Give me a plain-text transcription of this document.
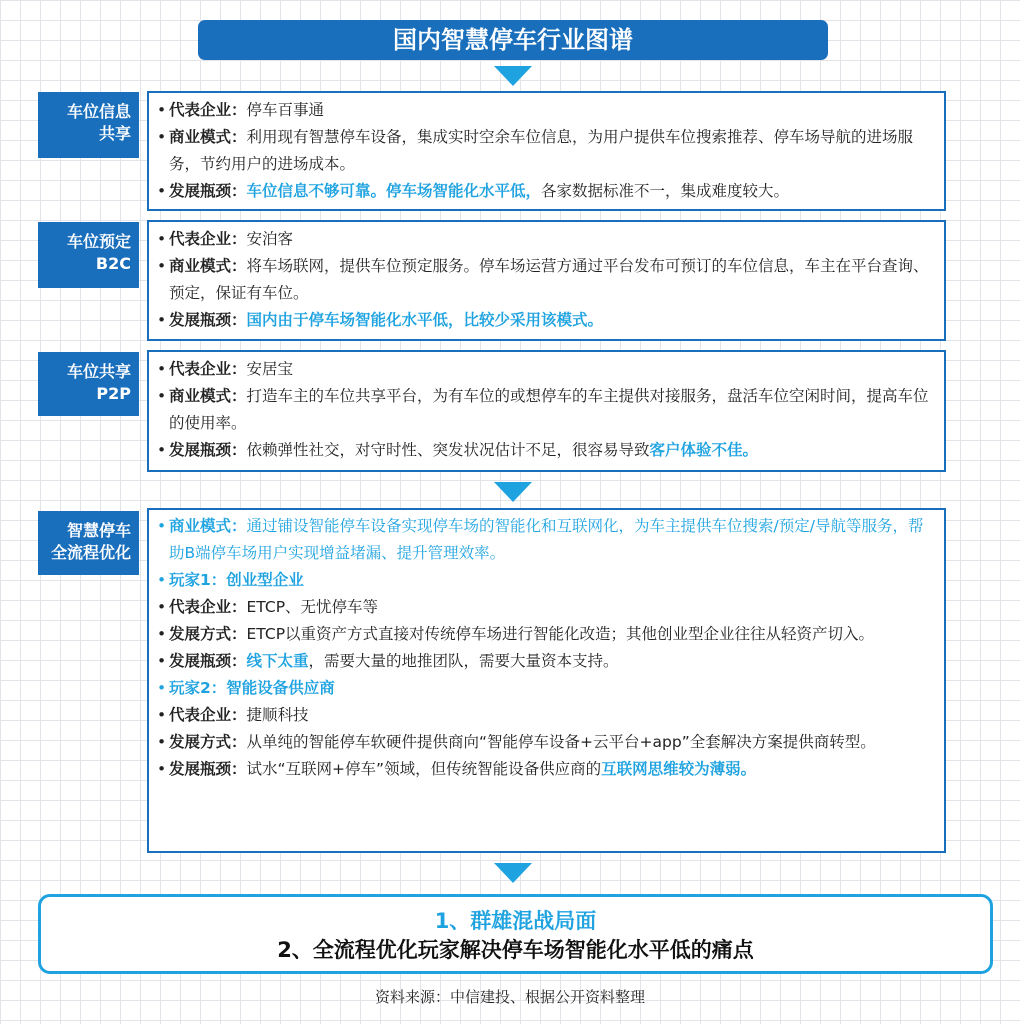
国内智慧停车行业图谱
车位信息
共享
• 代表企业：停车百事通
• 商业模式：利用现有智慧停车设备，集成实时空余车位信息，为用户提供车位搜索推荐、停车场导航的进场服务，节约用户的进场成本。
• 发展瓶颈：车位信息不够可靠。停车场智能化水平低，各家数据标准不一，集成难度较大。
车位预定
B2C
• 代表企业：安泊客
• 商业模式：将车场联网，提供车位预定服务。停车场运营方通过平台发布可预订的车位信息，车主在平台查询、预定，保证有车位。
• 发展瓶颈：国内由于停车场智能化水平低，比较少采用该模式。
车位共享
P2P
• 代表企业：安居宝
• 商业模式：打造车主的车位共享平台，为有车位的或想停车的车主提供对接服务，盘活车位空闲时间，提高车位的使用率。
• 发展瓶颈：依赖弹性社交，对守时性、突发状况估计不足，很容易导致客户体验不佳。
智慧停车
全流程优化
• 商业模式：通过铺设智能停车设备实现停车场的智能化和互联网化，为车主提供车位搜索/预定/导航等服务，帮助B端停车场用户实现增益堵漏、提升管理效率。
• 玩家1：创业型企业
• 代表企业：ETCP、无忧停车等
• 发展方式：ETCP以重资产方式直接对传统停车场进行智能化改造；其他创业型企业往往从轻资产切入。
• 发展瓶颈：线下太重，需要大量的地推团队，需要大量资本支持。
• 玩家2：智能设备供应商
• 代表企业：捷顺科技
• 发展方式：从单纯的智能停车软硬件提供商向“智能停车设备+云平台+app”全套解决方案提供商转型。
• 发展瓶颈：试水“互联网+停车”领域，但传统智能设备供应商的互联网思维较为薄弱。
1、群雄混战局面
2、全流程优化玩家解决停车场智能化水平低的痛点
资料来源：中信建投、根据公开资料整理
